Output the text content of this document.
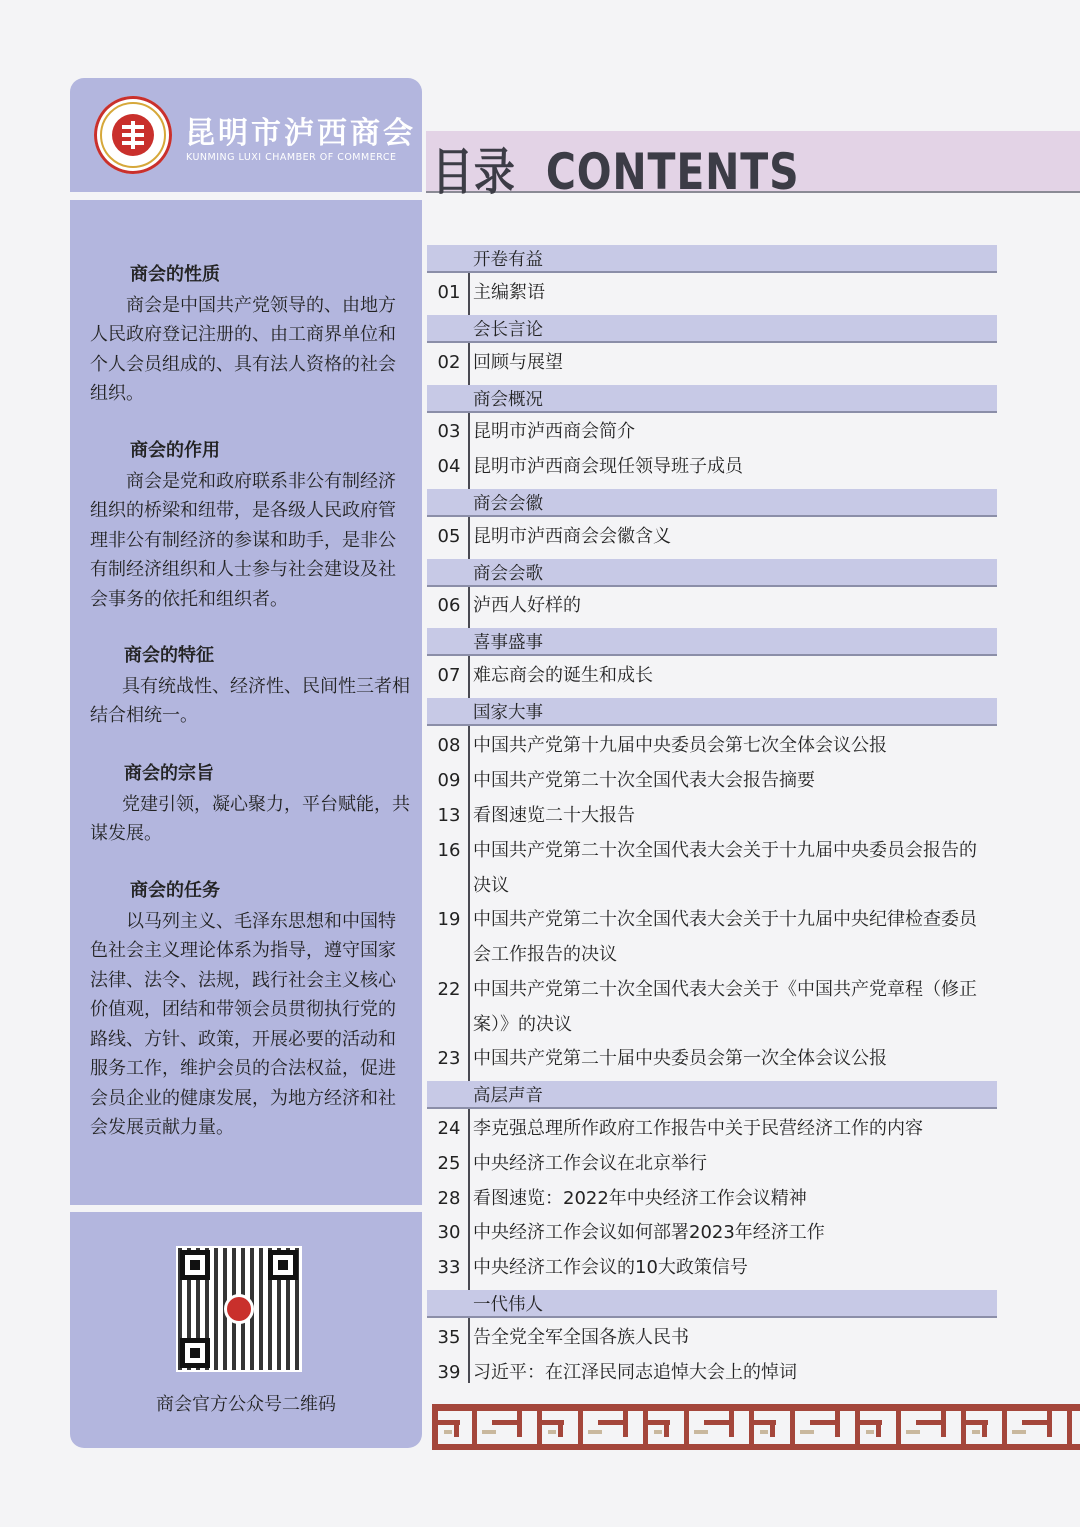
昆明市泸西商会
KUNMING LUXI CHAMBER OF COMMERCE
商会的性质

商会是中国共产党领导的、由地方人民政府登记注册的、由工商界单位和个人会员组成的、具有法人资格的社会组织。

商会的作用

商会是党和政府联系非公有制经济组织的桥梁和纽带，是各级人民政府管理非公有制经济的参谋和助手，是非公有制经济组织和人士参与社会建设及社会事务的依托和组织者。

商会的特征

具有统战性、经济性、民间性三者相结合相统一。

商会的宗旨

党建引领，凝心聚力，平台赋能，共谋发展。

商会的任务

以马列主义、毛泽东思想和中国特色社会主义理论体系为指导，遵守国家法律、法令、法规，践行社会主义核心价值观，团结和带领会员贯彻执行党的路线、方针、政策，开展必要的活动和服务工作，维护会员的合法权益，促进会员企业的健康发展，为地方经济和社会发展贡献力量。

商会官方公众号二维码
目录  CONTENTS
开卷有益
会长言论
商会概况
商会会徽
商会会歌
喜事盛事
国家大事
高层声音
一代伟人
01 主编絮语
02 回顾与展望
03 昆明市泸西商会简介
04 昆明市泸西商会现任领导班子成员
05 昆明市泸西商会会徽含义
06 泸西人好样的
07 难忘商会的诞生和成长
08 中国共产党第十九届中央委员会第七次全体会议公报
09 中国共产党第二十次全国代表大会报告摘要
13 看图速览二十大报告
16 中国共产党第二十次全国代表大会关于十九届中央委员会报告的决议
19 中国共产党第二十次全国代表大会关于十九届中央纪律检查委员会工作报告的决议
22 中国共产党第二十次全国代表大会关于《中国共产党章程（修正案）》的决议
23 中国共产党第二十届中央委员会第一次全体会议公报
24 李克强总理所作政府工作报告中关于民营经济工作的内容
25 中央经济工作会议在北京举行
28 看图速览：2022年中央经济工作会议精神
30 中央经济工作会议如何部署2023年经济工作
33 中央经济工作会议的10大政策信号
35 告全党全军全国各族人民书
39 习近平：在江泽民同志追悼大会上的悼词
